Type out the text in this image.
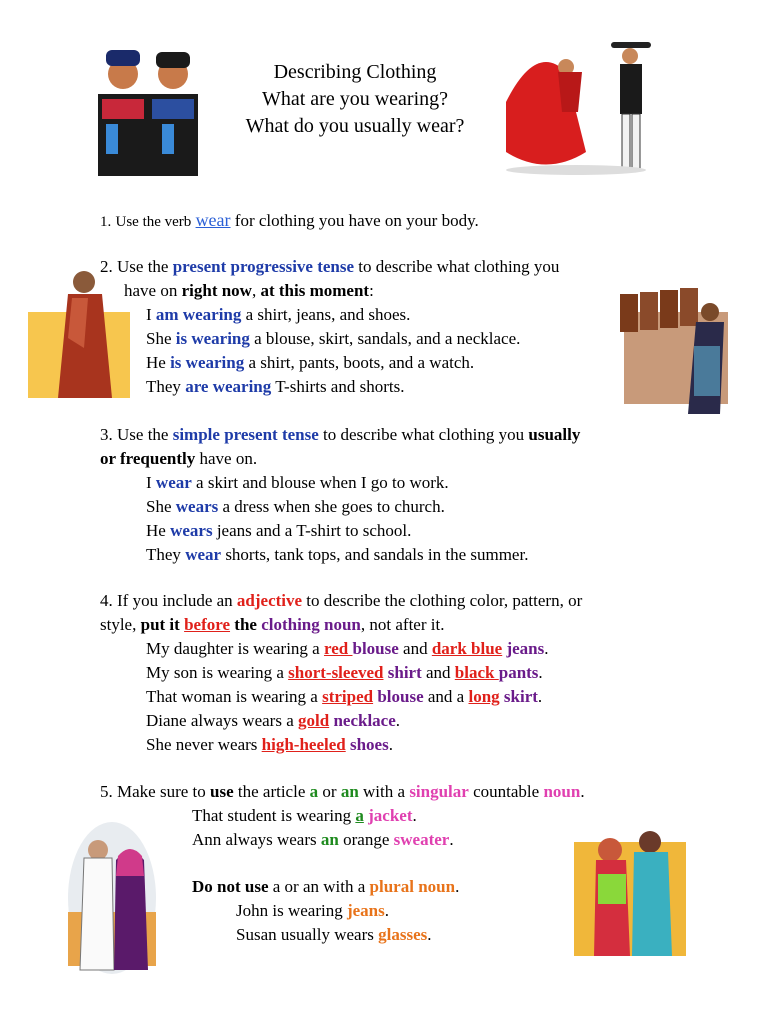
Describing Clothing
What are you wearing?
What do you usually wear?
1. Use the verb wear for clothing you have on your body.
2. Use the present progressive tense to describe what clothing you
have on right now, at this moment:
I am wearing a shirt, jeans, and shoes.
She is wearing a blouse, skirt, sandals, and a necklace.
He is wearing a shirt, pants, boots, and a watch.
They are wearing T-shirts and shorts.
3. Use the simple present tense to describe what clothing you usually
or frequently have on.
I wear a skirt and blouse when I go to work.
She wears a dress when she goes to church.
He wears jeans and a T-shirt to school.
They wear shorts, tank tops, and sandals in the summer.
4. If you include an adjective to describe the clothing color, pattern, or
style, put it before the clothing noun, not after it.
My daughter is wearing a red blouse and dark blue jeans.
My son is wearing a short-sleeved shirt and black pants.
That woman is wearing a striped blouse and a long skirt.
Diane always wears a gold necklace.
She never wears high-heeled shoes.
5. Make sure to use the article a or an with a singular countable noun.
That student is wearing a jacket.
Ann always wears an orange sweater.
Do not use a or an with a plural noun.
John is wearing jeans.
Susan usually wears glasses.
